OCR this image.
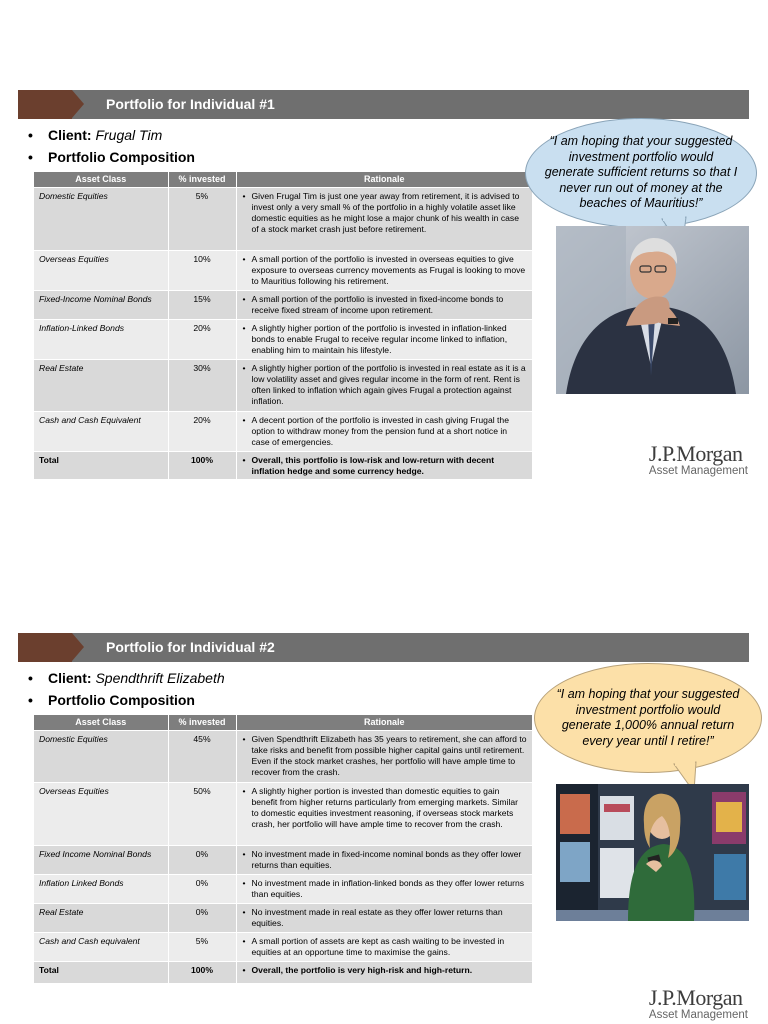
Portfolio for Individual #1
• Client: Frugal Tim
• Portfolio Composition
Asset Class	% invested	Rationale
Domestic Equities	5%	• Given Frugal Tim is just one year away from retirement, it is advised to invest only a very small % of the portfolio in a highly volatile asset like domestic equities as he might lose a major chunk of his wealth in case of a stock market crash just before retirement.
Overseas Equities	10%	• A small portion of the portfolio is invested in overseas equities to give exposure to overseas currency movements as Frugal is looking to move to Mauritius following his retirement.
Fixed-Income Nominal Bonds	15%	• A small portion of the portfolio is invested in fixed-income bonds to receive fixed stream of income upon retirement.
Inflation-Linked Bonds	20%	• A slightly higher portion of the portfolio is invested in inflation-linked bonds to enable Frugal to receive regular income linked to inflation, enabling him to maintain his lifestyle.
Real Estate	30%	• A slightly higher portion of the portfolio is invested in real estate as it is a low volatility asset and gives regular income in the form of rent. Rent is often linked to inflation which again gives Frugal a protection against inflation.
Cash and Cash Equivalent	20%	• A decent portion of the portfolio is invested in cash giving Frugal the option to withdraw money from the pension fund at a short notice in case of emergencies.
Total	100%	• Overall, this portfolio is low-risk and low-return with decent inflation hedge and some currency hedge.
“I am hoping that your suggested investment portfolio would generate sufficient returns so that I never run out of money at the beaches of Mauritius!”
J.P.Morgan
Asset Management
Portfolio for Individual #2
• Client: Spendthrift Elizabeth
• Portfolio Composition
Asset Class	% invested	Rationale
Domestic Equities	45%	• Given Spendthrift Elizabeth has 35 years to retirement, she can afford to take risks and benefit from possible higher capital gains until retirement. Even if the stock market crashes, her portfolio will have ample time to recover from the crash.
Overseas Equities	50%	• A slightly higher portion is invested than domestic equities to gain benefit from higher returns particularly from emerging markets. Similar to domestic equities investment reasoning, if overseas stock markets crash, her portfolio will have ample time to recover from the crash.
Fixed Income Nominal Bonds	0%	• No investment made in fixed-income nominal bonds as they offer lower returns than equities.
Inflation Linked Bonds	0%	• No investment made in inflation-linked bonds as they offer lower returns than equities.
Real Estate	0%	• No investment made in real estate as they offer lower returns than equities.
Cash and Cash equivalent	5%	• A small portion of assets are kept as cash waiting to be invested in equities at an opportune time to maximise the gains.
Total	100%	• Overall, the portfolio is very high-risk and high-return.
“I am hoping that your suggested investment portfolio would generate 1,000% annual return every year until I retire!”
J.P.Morgan
Asset Management
